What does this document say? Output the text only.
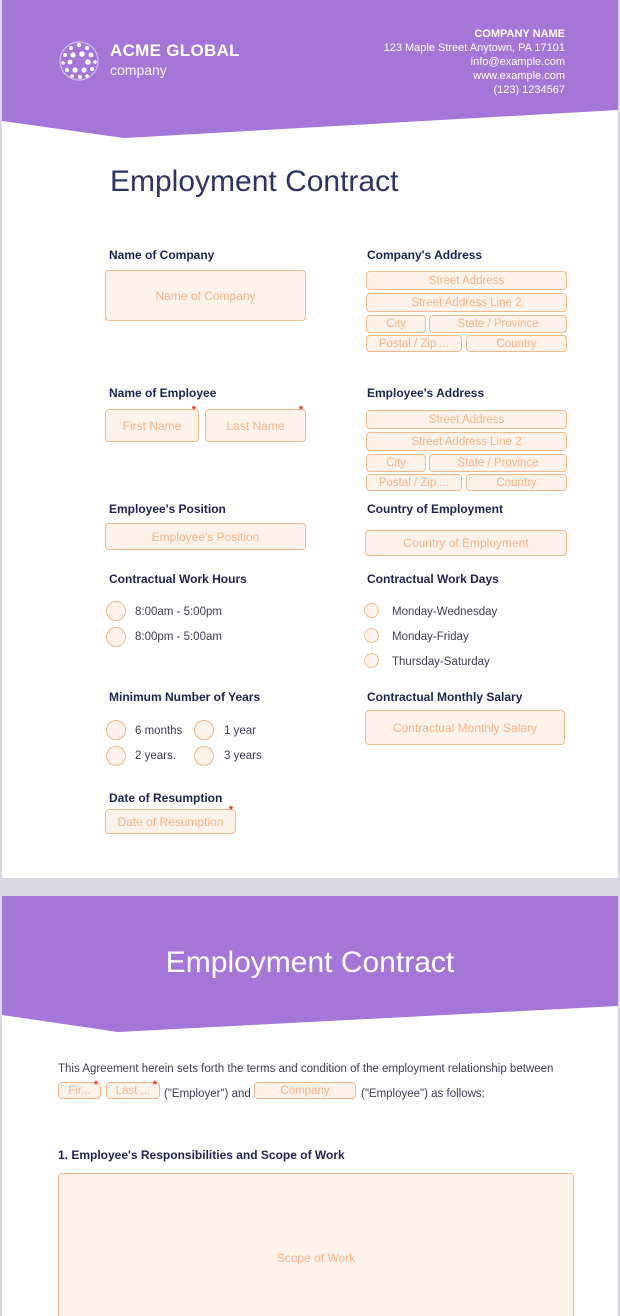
ACME GLOBAL
company
COMPANY NAME
123 Maple Street Anytown, PA 17101
info@example.com
www.example.com
(123) 1234567
Employment Contract
Name of Company
Name of Company
Company's Address
Street Address
Street Address Line 2
City	State / Province
Postal / Zip ...	Country
Name of Employee
First Name
*
Last Name
*
Employee's Address
Street Address
Street Address Line 2
City	State / Province
Postal / Zip ...	Country
Employee's Position
Employee's Position
Country of Employment
Country of Employment
Contractual Work Hours
8:00am - 5:00pm
8:00pm - 5:00am
Contractual Work Days
Monday-Wednesday
Monday-Friday
Thursday-Saturday
Minimum Number of Years
6 months	1 year
2 years.	3 years
Contractual Monthly Salary
Contractual Monthly Salary
Date of Resumption
Date of Resumption
*
Employment Contract
This Agreement herein sets forth the terms and condition of the employment relationship between
Fir... * Last ... *
("Employer") and	Company	("Employee") as follows:
1. Employee's Responsibilities and Scope of Work
Scope of Work
